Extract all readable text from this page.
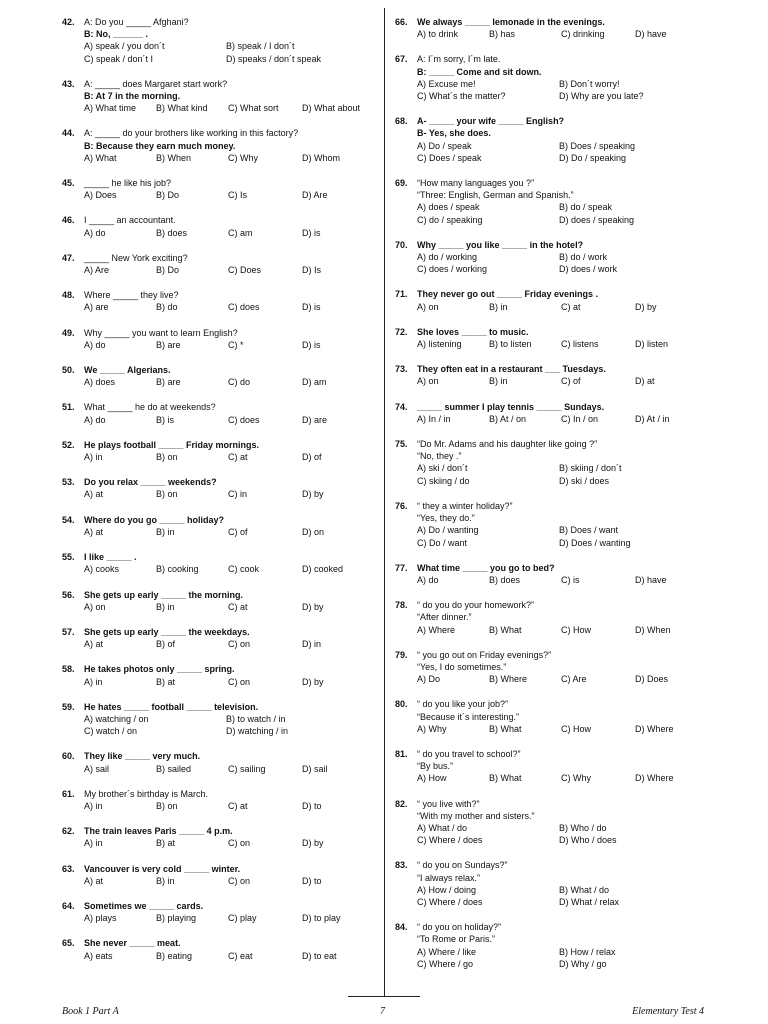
42.	A: Do you _____ Afghani?
B: No, ______ .
A) speak / you don´t	B) speak / I don´t
C) speak / don´t I	D) speaks / don´t speak
43.	A: _____ does Margaret start work?
B: At 7 in the morning.
A) What time	B) What kind	C) What sort	D) What about
44.	A: _____ do your brothers like working in this factory?
B: Because they earn much money.
A) What	B) When	C) Why	D) Whom
45.	_____ he like his job?
A) Does	B) Do	C) Is	D) Are
46.	I _____ an accountant.
A) do	B) does	C) am	D) is
47.	_____ New York exciting?
A) Are	B) Do	C) Does	D) Is
48.	Where _____ they live?
A) are	B) do	C) does	D) is
49.	Why _____ you want to learn English?
A) do	B) are	C) *	D) is
50.	We _____ Algerians.
A) does	B) are	C) do	D) am
51.	What _____ he do at weekends?
A) do	B) is	C) does	D) are
52.	He plays football _____ Friday mornings.
A) in	B) on	C) at	D) of
53.	Do you relax _____ weekends?
A) at	B) on	C) in	D) by
54.	Where do you go _____ holiday?
A) at	B) in	C) of	D) on
55.	I like _____ .
A) cooks	B) cooking	C) cook	D) cooked
56.	She gets up early _____ the morning.
A) on	B) in	C) at	D) by
57.	She gets up early _____ the weekdays.
A) at	B) of	C) on	D) in
58.	He takes photos only _____ spring.
A) in	B) at	C) on	D) by
59.	He hates _____ football _____ television.
A) watching / on	B) to watch / in
C) watch / on	D) watching / in
60.	They like _____ very much.
A) sail	B) sailed	C) sailing	D) sail
61.	My brother´s birthday is March.
A) in	B) on	C) at	D) to
62.	The train leaves Paris _____ 4 p.m.
A) in	B) at	C) on	D) by
63.	Vancouver is very cold _____ winter.
A) at	B) in	C) on	D) to
64.	Sometimes we _____ cards.
A) plays	B) playing	C) play	D) to play
65.	She never _____ meat.
A) eats	B) eating	C) eat	D) to eat
66.	We always _____ lemonade in the evenings.
A) to drink	B) has	C) drinking	D) have
67.	A: I´m sorry, I´m late.
B: _____ Come and sit down.
A) Excuse me!	B) Don´t worry!
C) What´s the matter?	D) Why are you late?
68.	A- _____ your wife _____ English?
B- Yes, she does.
A) Do / speak	B) Does / speaking
C) Does / speak	D) Do / speaking
69.	“How many languages you ?”
“Three: English, German and Spanish.”
A) does / speak	B) do / speak
C) do / speaking	D) does / speaking
70.	Why _____ you like _____ in the hotel?
A) do / working	B) do / work
C) does / working	D) does / work
71.	They never go out _____ Friday evenings .
A) on	B) in	C) at	D) by
72.	She loves _____ to music.
A) listening	B) to listen	C) listens	D) listen
73.	They often eat in a restaurant ___ Tuesdays.
A) on	B) in	C) of	D) at
74.	_____ summer I play tennis _____ Sundays.
A) In / in	B) At / on	C) In / on	D) At / in
75.	“Do Mr. Adams and his daughter like going ?”
“No, they .”
A) ski / don´t	B) skiing / don´t
C) skiing / do	D) ski / does
76.	“ they a winter holiday?”
“Yes, they do.”
A) Do / wanting	B) Does / want
C) Do / want	D) Does / wanting
77.	What time _____ you go to bed?
A) do	B) does	C) is	D) have
78.	“ do you do your homework?”
“After dinner.”
A) Where	B) What	C) How	D) When
79.	“ you go out on Friday evenings?”
“Yes, I do sometimes.”
A) Do	B) Where	C) Are	D) Does
80.	“ do you like your job?”
“Because it´s interesting.”
A) Why	B) What	C) How	D) Where
81.	“ do you travel to school?”
“By bus.”
A) How	B) What	C) Why	D) Where
82.	“ you live with?”
“With my mother and sisters.”
A) What / do	B) Who / do
C) Where / does	D) Who / does
83.	“ do you on Sundays?”
“I always relax.”
A) How / doing	B) What / do
C) Where / does	D) What / relax
84.	“ do you on holiday?”
“To Rome or Paris.”
A) Where / like	B) How / relax
C) Where / go	D) Why / go
Book 1 Part A	7	Elementary Test 4
